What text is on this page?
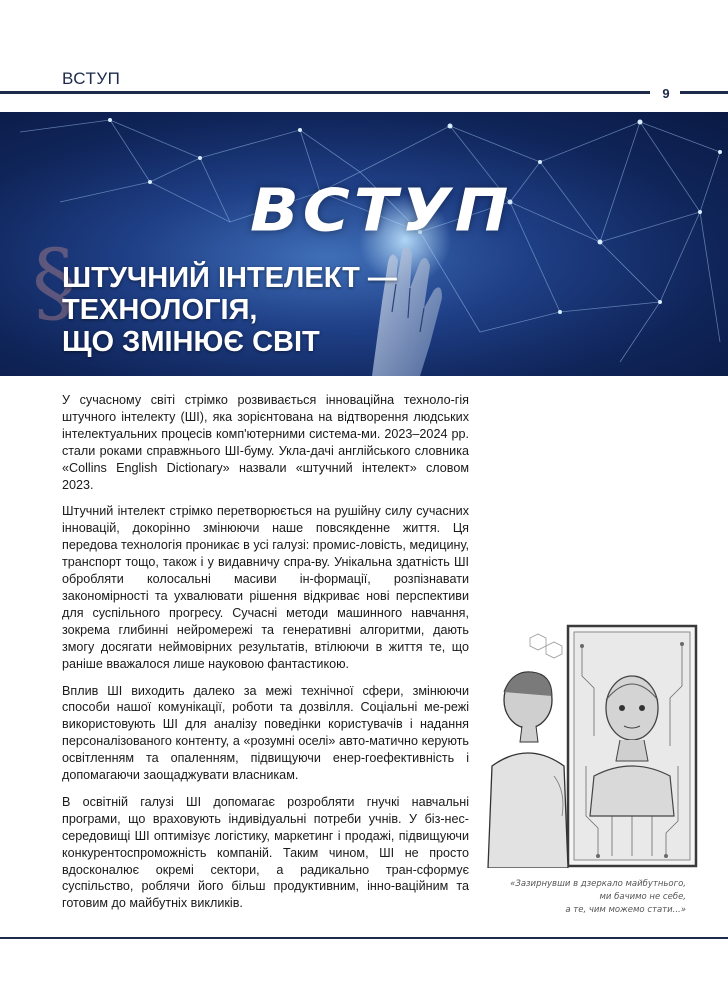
ВСТУП
9
ВСТУП
§
ШТУЧНИЙ ІНТЕЛЕКТ —
ТЕХНОЛОГІЯ,
ЩО ЗМІНЮЄ СВІТ

У сучасному світі стрімко розвивається інноваційна техноло-гія штучного інтелекту (ШІ), яка зорієнтована на відтворення людських інтелектуальних процесів комп'ютерними система-ми. 2023–2024 рр. стали роками справжнього ШІ-буму. Укла-дачі англійського словника «Collins English Dictionary» назвали «штучний інтелект» словом 2023.

Штучний інтелект стрімко перетворюється на рушійну силу сучасних інновацій, докорінно змінюючи наше повсякденне життя. Ця передова технологія проникає в усі галузі: промис-ловість, медицину, транспорт тощо, також і у видавничу спра-ву. Унікальна здатність ШІ обробляти колосальні масиви ін-формації, розпізнавати закономірності та ухвалювати рішення відкриває нові перспективи для суспільного прогресу. Сучасні методи машинного навчання, зокрема глибинні нейромережі та генеративні алгоритми, дають змогу досягати неймовірних результатів, втілюючи в життя те, що раніше вважалося лише науковою фантастикою.

Вплив ШІ виходить далеко за межі технічної сфери, змінюючи способи нашої комунікації, роботи та дозвілля. Соціальні ме-режі використовують ШІ для аналізу поведінки користувачів і надання персоналізованого контенту, а «розумні оселі» авто-матично керують освітленням та опаленням, підвищуючи енер-гоефективність і допомагаючи заощаджувати власникам.

В освітній галузі ШІ допомагає розробляти гнучкі навчальні програми, що враховують індивідуальні потреби учнів. У біз-нес-середовищі ШІ оптимізує логістику, маркетинг і продажі, підвищуючи конкурентоспроможність компаній. Таким чином, ШІ не просто вдосконалює окремі сектори, а радикально тран-сформує суспільство, роблячи його більш продуктивним, інно-ваційним та готовим до майбутніх викликів.

«Зазирнувши в дзеркало майбутнього,
ми бачимо не себе,
а те, чим можемо стати...»
